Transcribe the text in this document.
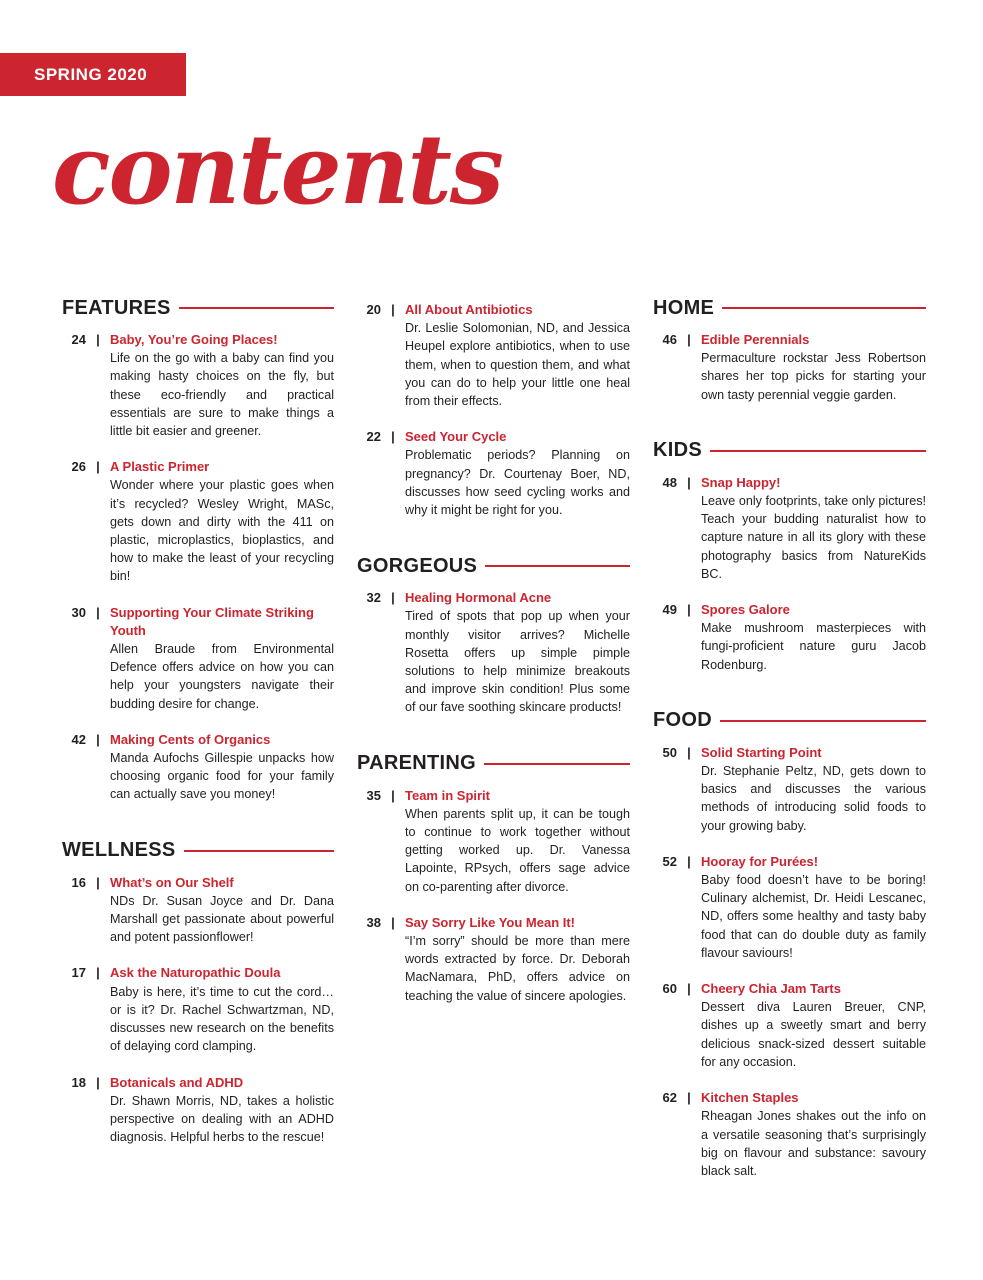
SPRING 2020
contents
FEATURES
24 | Baby, You’re Going Places!
Life on the go with a baby can find you making hasty choices on the fly, but these eco-friendly and practical essentials are sure to make things a little bit easier and greener.
26 | A Plastic Primer
Wonder where your plastic goes when it’s recycled? Wesley Wright, MASc, gets down and dirty with the 411 on plastic, microplastics, bioplastics, and how to make the least of your recycling bin!
30 | Supporting Your Climate Striking Youth
Allen Braude from Environmental Defence offers advice on how you can help your youngsters navigate their budding desire for change.
42 | Making Cents of Organics
Manda Aufochs Gillespie unpacks how choosing organic food for your family can actually save you money!
WELLNESS
16 | What’s on Our Shelf
NDs Dr. Susan Joyce and Dr. Dana Marshall get passionate about powerful and potent passionflower!
17 | Ask the Naturopathic Doula
Baby is here, it’s time to cut the cord… or is it? Dr. Rachel Schwartzman, ND, discusses new research on the benefits of delaying cord clamping.
18 | Botanicals and ADHD
Dr. Shawn Morris, ND, takes a holistic perspective on dealing with an ADHD diagnosis. Helpful herbs to the rescue!
20 | All About Antibiotics
Dr. Leslie Solomonian, ND, and Jessica Heupel explore antibiotics, when to use them, when to question them, and what you can do to help your little one heal from their effects.
22 | Seed Your Cycle
Problematic periods? Planning on pregnancy? Dr. Courtenay Boer, ND, discusses how seed cycling works and why it might be right for you.
GORGEOUS
32 | Healing Hormonal Acne
Tired of spots that pop up when your monthly visitor arrives? Michelle Rosetta offers up simple pimple solutions to help minimize breakouts and improve skin condition! Plus some of our fave soothing skincare products!
PARENTING
35 | Team in Spirit
When parents split up, it can be tough to continue to work together without getting worked up. Dr. Vanessa Lapointe, RPsych, offers sage advice on co-parenting after divorce.
38 | Say Sorry Like You Mean It!
“I’m sorry” should be more than mere words extracted by force. Dr. Deborah MacNamara, PhD, offers advice on teaching the value of sincere apologies.
HOME
46 | Edible Perennials
Permaculture rockstar Jess Robertson shares her top picks for starting your own tasty perennial veggie garden.
KIDS
48 | Snap Happy!
Leave only footprints, take only pictures! Teach your budding naturalist how to capture nature in all its glory with these photography basics from NatureKids BC.
49 | Spores Galore
Make mushroom masterpieces with fungi-proficient nature guru Jacob Rodenburg.
FOOD
50 | Solid Starting Point
Dr. Stephanie Peltz, ND, gets down to basics and discusses the various methods of introducing solid foods to your growing baby.
52 | Hooray for Purées!
Baby food doesn’t have to be boring! Culinary alchemist, Dr. Heidi Lescanec, ND, offers some healthy and tasty baby food that can do double duty as family flavour saviours!
60 | Cheery Chia Jam Tarts
Dessert diva Lauren Breuer, CNP, dishes up a sweetly smart and berry delicious snack-sized dessert suitable for any occasion.
62 | Kitchen Staples
Rheagan Jones shakes out the info on a versatile seasoning that’s surprisingly big on flavour and substance: savoury black salt.
